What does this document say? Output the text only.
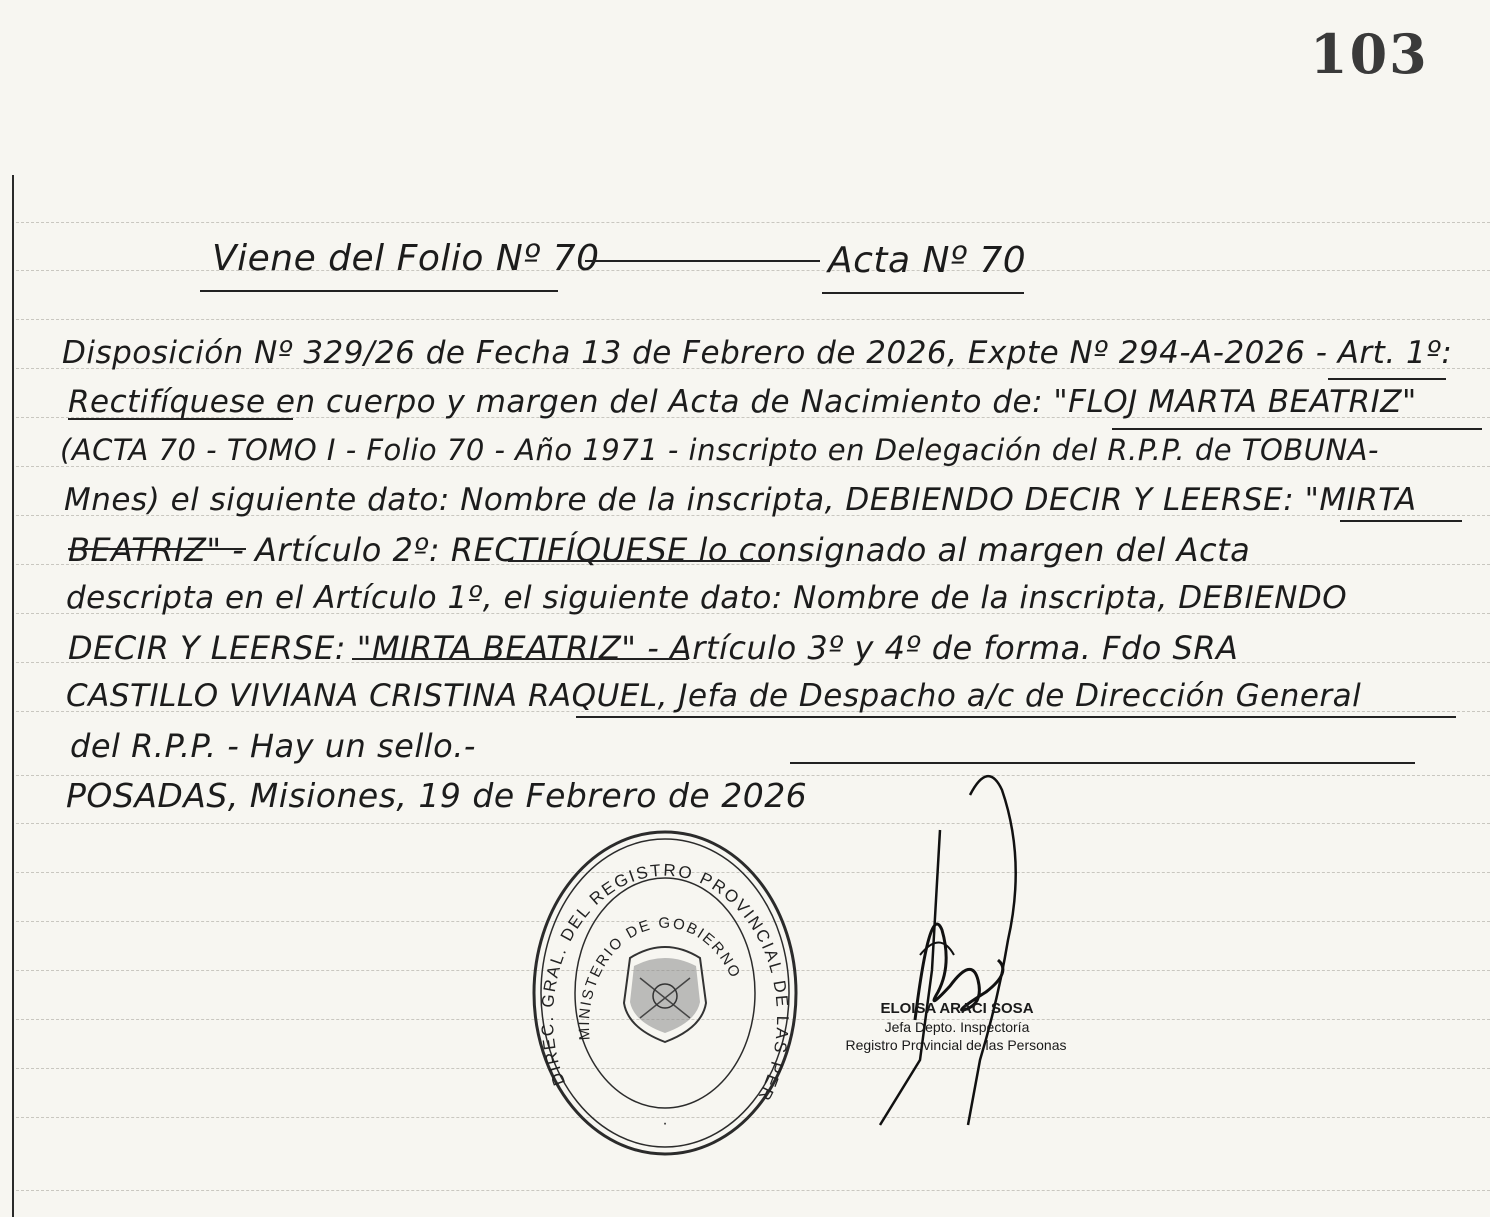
103
Viene del Folio Nº 70	Acta Nº 70
Disposición Nº 329/26 de Fecha 13 de Febrero de 2026, Expte Nº 294-A-2026 - Art. 1º:
Rectifíquese en cuerpo y margen del Acta de Nacimiento de: "FLOJ MARTA BEATRIZ"
(ACTA 70 - TOMO I - Folio 70 - Año 1971 - inscripto en Delegación del R.P.P. de TOBUNA-
Mnes) el siguiente dato: Nombre de la inscripta, DEBIENDO DECIR Y LEERSE: "MIRTA
BEATRIZ" - Artículo 2º: RECTIFÍQUESE lo consignado al margen del Acta
descripta en el Artículo 1º, el siguiente dato: Nombre de la inscripta, DEBIENDO
DECIR Y LEERSE: "MIRTA BEATRIZ" - Artículo 3º y 4º de forma. Fdo SRA
CASTILLO VIVIANA CRISTINA RAQUEL, Jefa de Despacho a/c de Dirección General
del R.P.P. - Hay un sello.-
POSADAS, Misiones, 19 de Febrero de 2026
DIREC. GRAL. DEL REGISTRO PROVINCIAL DE LAS PER
MINISTERIO DE GOBIERNO
·
ELOISA ARACI SOSA
Jefa Depto. Inspectoría
Registro Provincial de las Personas
